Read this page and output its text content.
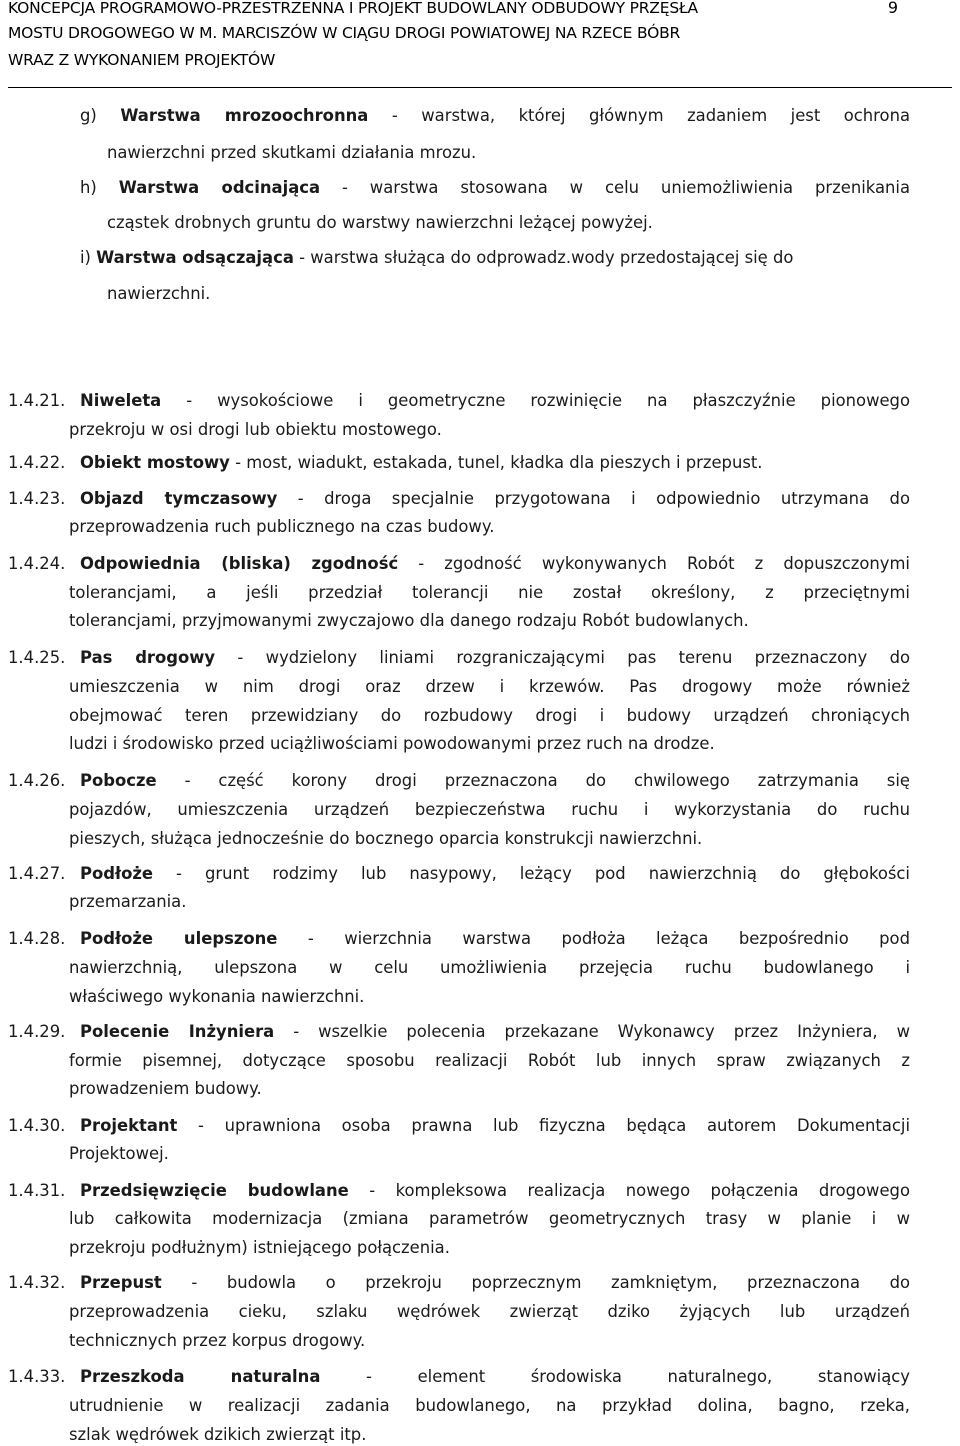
KONCEPCJA PROGRAMOWO-PRZESTRZENNA I PROJEKT BUDOWLANY ODBUDOWY PRZĘSŁA
MOSTU DROGOWEGO W M. MARCISZÓW W CIĄGU DROGI POWIATOWEJ NA RZECE BÓBR
WRAZ Z WYKONANIEM PROJEKTÓW
9
g) Warstwa mrozoochronna - warstwa, której głównym zadaniem jest ochrona
nawierzchni przed skutkami działania mrozu.
h) Warstwa odcinająca - warstwa stosowana w celu uniemożliwienia przenikania
cząstek drobnych gruntu do warstwy nawierzchni leżącej powyżej.
i) Warstwa odsączająca - warstwa służąca do odprowadz.wody przedostającej się do
nawierzchni.
1.4.21. Niweleta - wysokościowe i geometryczne rozwinięcie na płaszczyźnie pionowego
przekroju w osi drogi lub obiektu mostowego.
1.4.22. Obiekt mostowy - most, wiadukt, estakada, tunel, kładka dla pieszych i przepust.
1.4.23. Objazd tymczasowy - droga specjalnie przygotowana i odpowiednio utrzymana do
przeprowadzenia ruch publicznego na czas budowy.
1.4.24. Odpowiednia (bliska) zgodność - zgodność wykonywanych Robót z dopuszczonymi
tolerancjami, a jeśli przedział tolerancji nie został określony, z przeciętnymi
tolerancjami, przyjmowanymi zwyczajowo dla danego rodzaju Robót budowlanych.
1.4.25. Pas drogowy - wydzielony liniami rozgraniczającymi pas terenu przeznaczony do
umieszczenia w nim drogi oraz drzew i krzewów. Pas drogowy może również
obejmować teren przewidziany do rozbudowy drogi i budowy urządzeń chroniących
ludzi i środowisko przed uciążliwościami powodowanymi przez ruch na drodze.
1.4.26. Pobocze - część korony drogi przeznaczona do chwilowego zatrzymania się
pojazdów, umieszczenia urządzeń bezpieczeństwa ruchu i wykorzystania do ruchu
pieszych, służąca jednocześnie do bocznego oparcia konstrukcji nawierzchni.
1.4.27. Podłoże - grunt rodzimy lub nasypowy, leżący pod nawierzchnią do głębokości
przemarzania.
1.4.28. Podłoże ulepszone - wierzchnia warstwa podłoża leżąca bezpośrednio pod
nawierzchnią, ulepszona w celu umożliwienia przejęcia ruchu budowlanego i
właściwego wykonania nawierzchni.
1.4.29. Polecenie Inżyniera - wszelkie polecenia przekazane Wykonawcy przez Inżyniera, w
formie pisemnej, dotyczące sposobu realizacji Robót lub innych spraw związanych z
prowadzeniem budowy.
1.4.30. Projektant - uprawniona osoba prawna lub fizyczna będąca autorem Dokumentacji
Projektowej.
1.4.31. Przedsięwzięcie budowlane - kompleksowa realizacja nowego połączenia drogowego
lub całkowita modernizacja (zmiana parametrów geometrycznych trasy w planie i w
przekroju podłużnym) istniejącego połączenia.
1.4.32. Przepust - budowla o przekroju poprzecznym zamkniętym, przeznaczona do
przeprowadzenia cieku, szlaku wędrówek zwierząt dziko żyjących lub urządzeń
technicznych przez korpus drogowy.
1.4.33. Przeszkoda naturalna - element środowiska naturalnego, stanowiący
utrudnienie w realizacji zadania budowlanego, na przykład dolina, bagno, rzeka,
szlak wędrówek dzikich zwierząt itp.
